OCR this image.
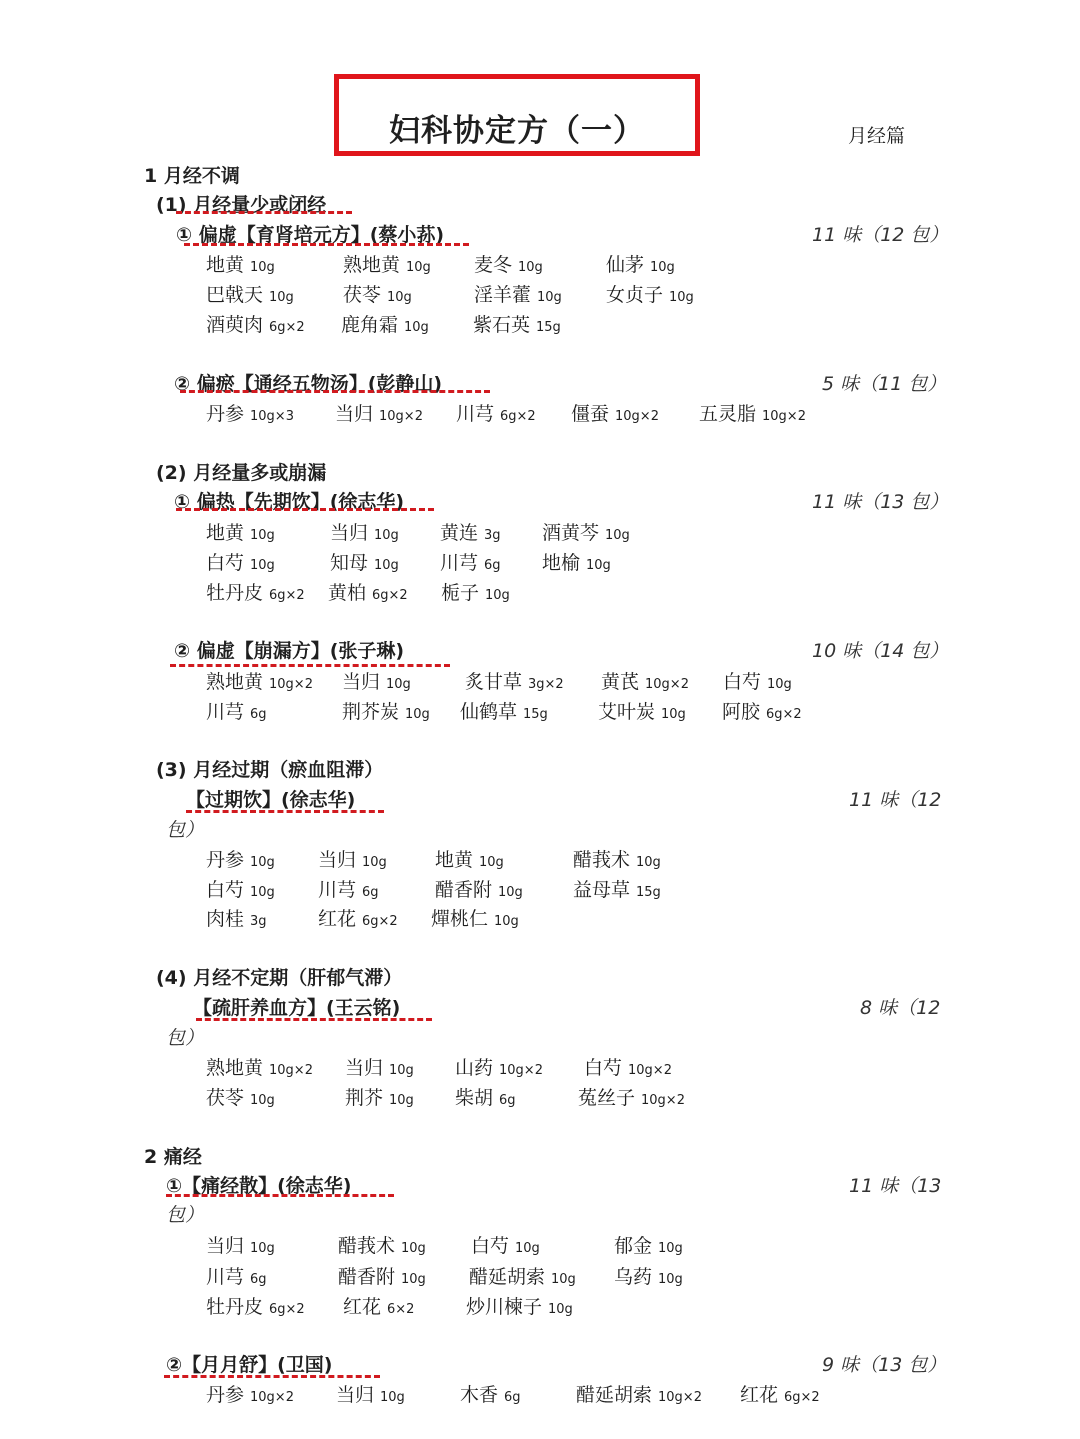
妇科协定方（一）	月经篇
1 月经不调
(1) 月经量少或闭经
① 偏虚【育肾培元方】(蔡小荪)	11 味（12 包）
地黄 10g	熟地黄 10g 麦冬 10g	仙茅 10g
巴戟天 10g	茯苓 10g	淫羊藿 10g 女贞子 10g
酒萸肉 6g×2 鹿角霜 10g 紫石英 15g
② 偏瘀【通经五物汤】(彭静山)	5 味（11 包）
丹参 10g×3 当归 10g×2 川芎 6g×2 僵蚕 10g×2 五灵脂 10g×2
(2) 月经量多或崩漏
① 偏热【先期饮】(徐志华)	11 味（13 包）
地黄 10g	当归 10g 黄连 3g 酒黄芩 10g
白芍 10g	知母 10g 川芎 6g 地榆 10g
牡丹皮 6g×2 黄柏 6g×2 栀子 10g
② 偏虚【崩漏方】(张子琳)	10 味（14 包）
熟地黄 10g×2 当归 10g	炙甘草 3g×2 黄芪 10g×2 白芍 10g
川芎 6g	荆芥炭 10g 仙鹤草 15g	艾叶炭 10g 阿胶 6g×2
(3) 月经过期（瘀血阻滞）
【过期饮】(徐志华)	11 味（12
包）
丹参 10g 当归 10g	地黄 10g	醋莪术 10g
白芍 10g 川芎 6g	醋香附 10g	益母草 15g
肉桂 3g	红花 6g×2 燀桃仁 10g
(4) 月经不定期（肝郁气滞）
【疏肝养血方】(王云铭)	8 味（12
包）
熟地黄 10g×2 当归 10g 山药 10g×2 白芍 10g×2
茯苓 10g	荆芥 10g 柴胡 6g	菟丝子 10g×2
2 痛经
①【痛经散】(徐志华)	11 味（13
包）
当归 10g	醋莪术 10g 白芍 10g	郁金 10g
川芎 6g	醋香附 10g 醋延胡索 10g 乌药 10g
牡丹皮 6g×2 红花 6×2	炒川楝子 10g
②【月月舒】(卫国)	9 味（13 包）
丹参 10g×2 当归 10g	木香 6g	醋延胡索 10g×2 红花 6g×2
